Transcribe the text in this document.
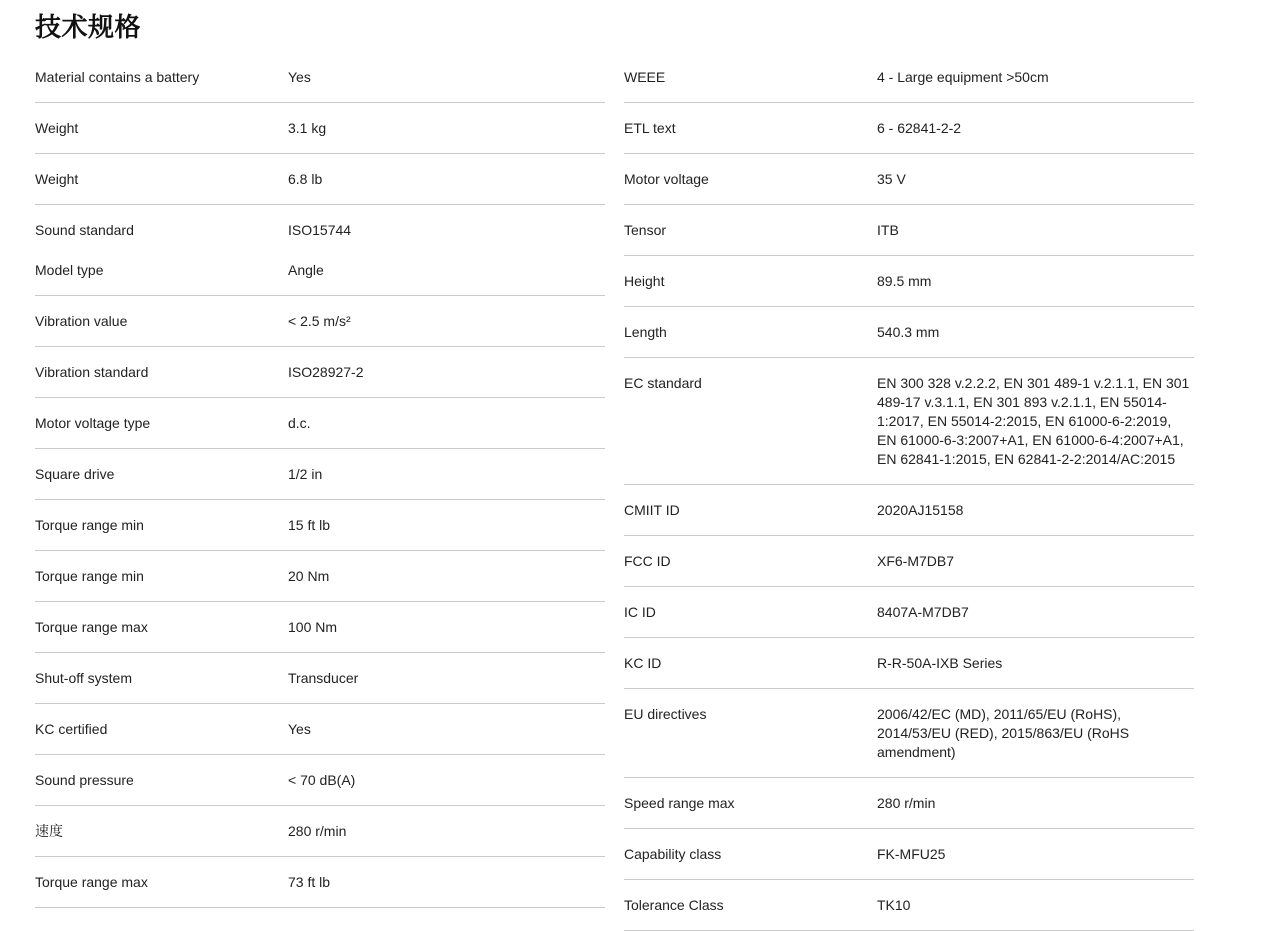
技术规格
Material contains a battery	Yes
Weight	3.1 kg
Weight	6.8 lb
Sound standard	ISO15744
Model type	Angle
Vibration value	< 2.5 m/s²
Vibration standard	ISO28927-2
Motor voltage type	d.c.
Square drive	1/2 in
Torque range min	15 ft lb
Torque range min	20 Nm
Torque range max	100 Nm
Shut-off system	Transducer
KC certified	Yes
Sound pressure	< 70 dB(A)
速度	280 r/min
Torque range max	73 ft lb
WEEE	4 - Large equipment >50cm
ETL text	6 - 62841-2-2
Motor voltage	35 V
Tensor	ITB
Height	89.5 mm
Length	540.3 mm
EC standard	EN 300 328 v.2.2.2, EN 301 489-1 v.2.1.1, EN 301 489-17 v.3.1.1, EN 301 893 v.2.1.1, EN 55014-1:2017, EN 55014-2:2015, EN 61000-6-2:2019, EN 61000-6-3:2007+A1, EN 61000-6-4:2007+A1, EN 62841-1:2015, EN 62841-2-2:2014/AC:2015
CMIIT ID	2020AJ15158
FCC ID	XF6-M7DB7
IC ID	8407A-M7DB7
KC ID	R-R-50A-IXB Series
EU directives	2006/42/EC (MD), 2011/65/EU (RoHS), 2014/53/EU (RED), 2015/863/EU (RoHS amendment)
Speed range max	280 r/min
Capability class	FK-MFU25
Tolerance Class	TK10
